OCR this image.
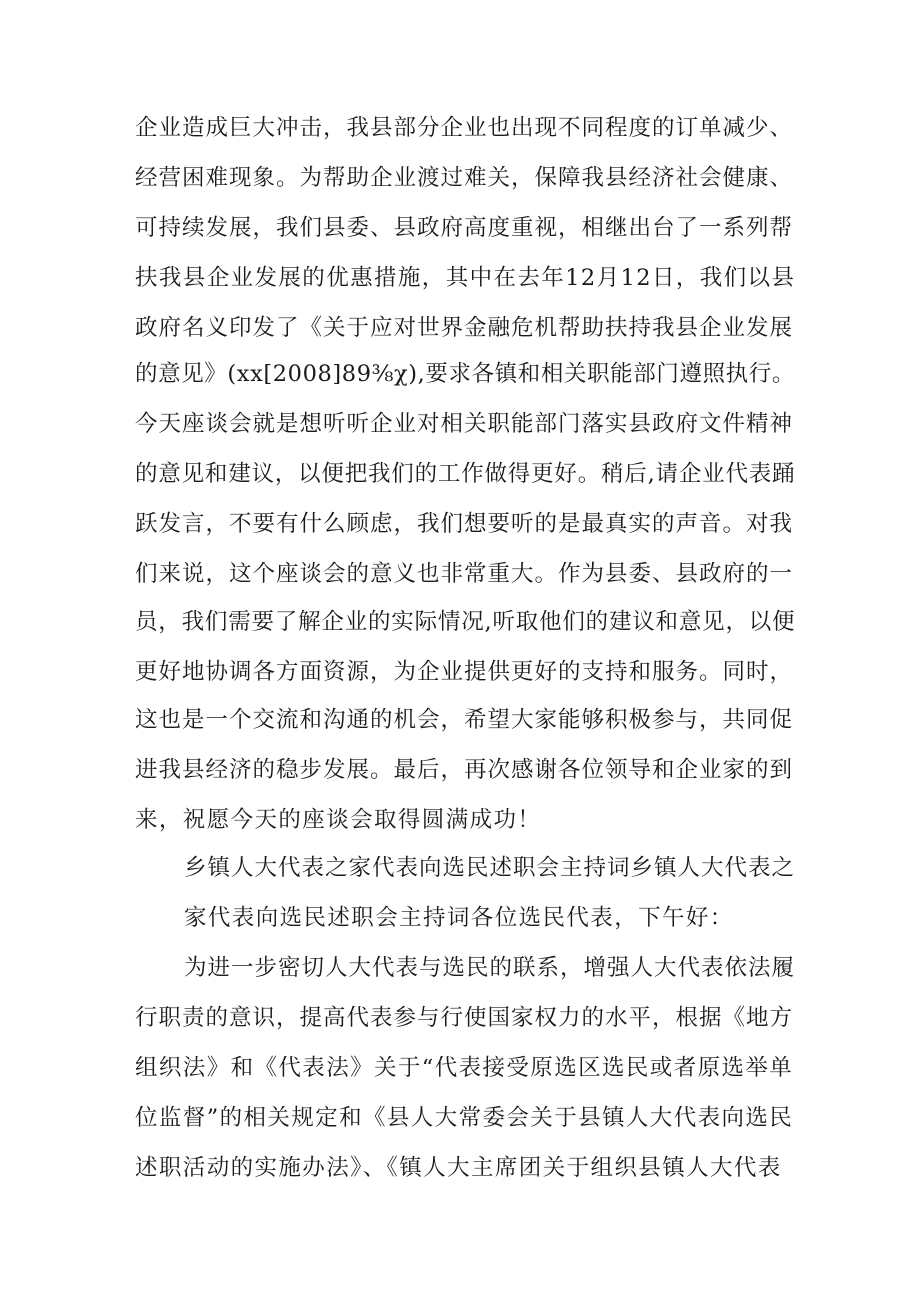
企业造成巨大冲击，我县部分企业也出现不同程度的订单减少、
经营困难现象。为帮助企业渡过难关，保障我县经济社会健康、
可持续发展，我们县委、县政府高度重视，相继出台了一系列帮
扶我县企业发展的优惠措施，其中在去年12月12日，我们以县
政府名义印发了《关于应对世界金融危机帮助扶持我县企业发展
的意见》(xx[2008]89⅜χ),要求各镇和相关职能部门遵照执行。
今天座谈会就是想听听企业对相关职能部门落实县政府文件精神
的意见和建议，以便把我们的工作做得更好。稍后,请企业代表踊
跃发言，不要有什么顾虑，我们想要听的是最真实的声音。对我
们来说，这个座谈会的意义也非常重大。作为县委、县政府的一
员，我们需要了解企业的实际情况,听取他们的建议和意见，以便
更好地协调各方面资源，为企业提供更好的支持和服务。同时，
这也是一个交流和沟通的机会，希望大家能够积极参与，共同促
进我县经济的稳步发展。最后，再次感谢各位领导和企业家的到
来，祝愿今天的座谈会取得圆满成功！
乡镇人大代表之家代表向选民述职会主持词乡镇人大代表之
家代表向选民述职会主持词各位选民代表，下午好：
为进一步密切人大代表与选民的联系，增强人大代表依法履
行职责的意识，提高代表参与行使国家权力的水平，根据《地方
组织法》和《代表法》关于“代表接受原选区选民或者原选举单
位监督”的相关规定和《县人大常委会关于县镇人大代表向选民
述职活动的实施办法》、《镇人大主席团关于组织县镇人大代表
